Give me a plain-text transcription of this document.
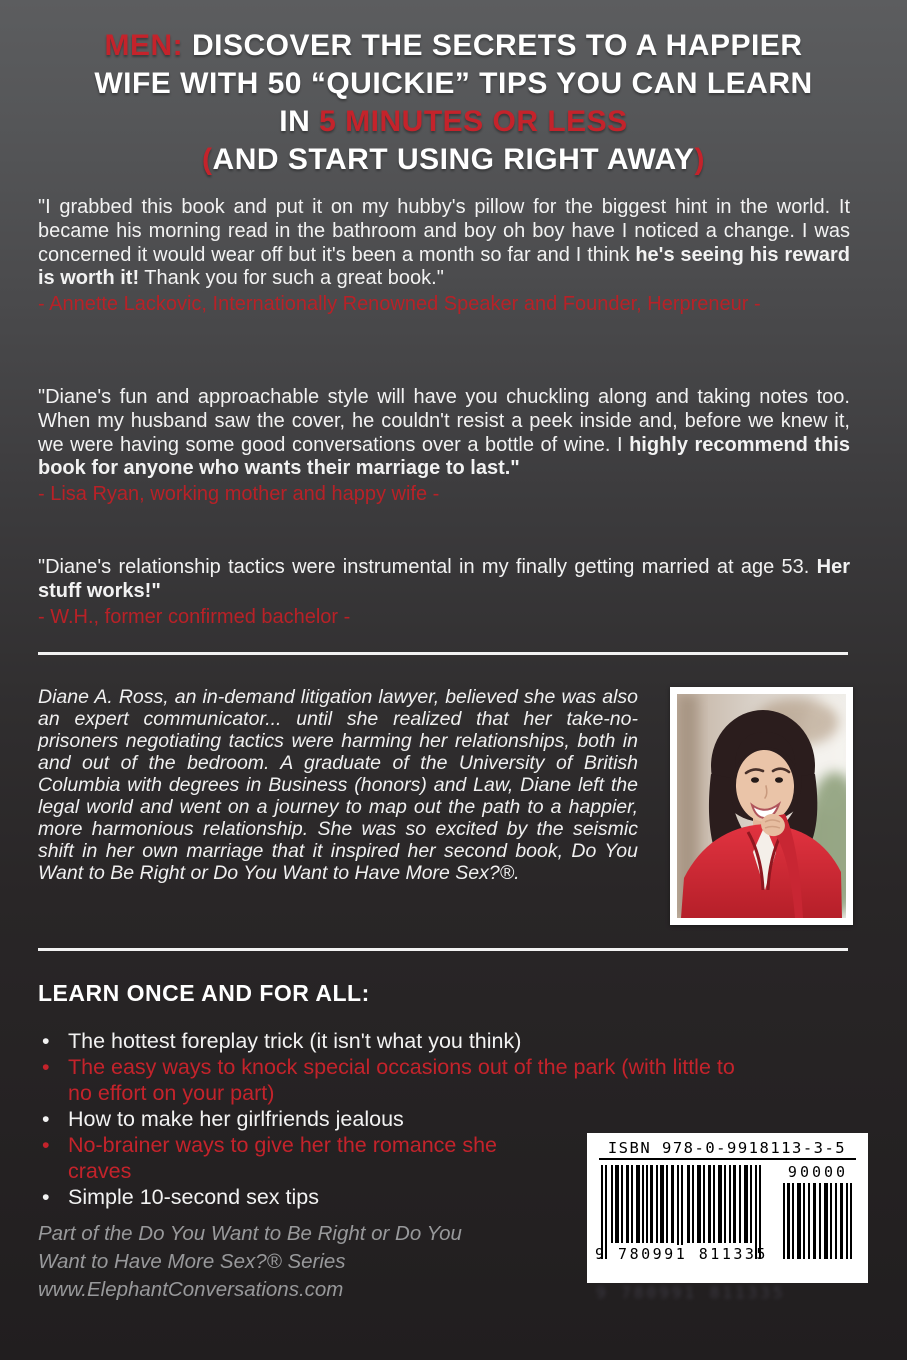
MEN: DISCOVER THE SECRETS TO A HAPPIER
WIFE WITH 50 “QUICKIE” TIPS YOU CAN LEARN
IN 5 MINUTES OR LESS
(AND START USING RIGHT AWAY)

"I grabbed this book and put it on my hubby's pillow for the biggest hint in the world. It became his morning read in the bathroom and boy oh boy have I noticed a change. I was concerned it would wear off but it's been a month so far and I think he's seeing his reward is worth it! Thank you for such a great book."

- Annette Lackovic, Internationally Renowned Speaker and Founder, Herpreneur -

"Diane's fun and approachable style will have you chuckling along and taking notes too. When my husband saw the cover, he couldn't resist a peek inside and, before we knew it, we were having some good conversations over a bottle of wine. I highly recommend this book for anyone who wants their marriage to last."

- Lisa Ryan, working mother and happy wife -

"Diane's relationship tactics were instrumental in my finally getting married at age 53. Her stuff works!"

- W.H., former confirmed bachelor -

Diane A. Ross, an in-demand litigation lawyer, believed she was also an expert communicator... until she realized that her take-no-prisoners negotiating tactics were harming her relationships, both in and out of the bedroom. A graduate of the University of British Columbia with degrees in Business (honors) and Law, Diane left the legal world and went on a journey to map out the path to a happier, more harmonious relationship. She was so excited by the seismic shift in her own marriage that it inspired her second book, Do You Want to Be Right or Do You Want to Have More Sex?®.

LEARN ONCE AND FOR ALL:
• The hottest foreplay trick (it isn't what you think)
• The easy ways to knock special occasions out of the park (with little to no effort on your part)
• How to make her girlfriends jealous
• No-brainer ways to give her the romance she craves
• Simple 10-second sex tips

Part of the Do You Want to Be Right or Do You Want to Have More Sex?® Series

www.ElephantConversations.com

ISBN 978-0-9918113-3-5
9 780991 811335
90000
9 780991 811335
